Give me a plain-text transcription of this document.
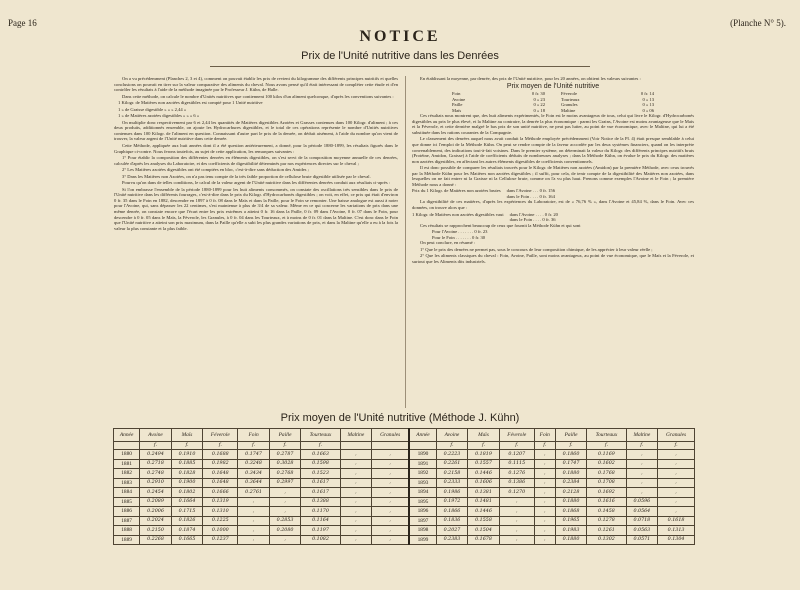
Page 16	(Planche N° 5).
NOTICE
Prix de l'Unité nutritive dans les Denrées

On a vu précédemment (Planches 2, 3 et 4), comment on pouvait établir les prix de revient du kilogramme des différents principes nutritifs et quelles conclusions on pouvait en tirer sur la valeur comparative des aliments du cheval. Nous avons pensé qu'il était intéressant de compléter cette étude et d'en contrôler les résultats à l'aide de la méthode imaginée par le Professeur J. Kühn, de Halle.

Dans cette méthode, on calcule le nombre d'Unités nutritives que contiennent 100 kilos d'un aliment quelconque, d'après les conventions suivantes :

1 Kilogr. de Matières non azotées digestibles est compté pour 1 Unité nutritive

1 » de Graisse digestible » » » 2,44 »

1 » de Matières azotées digestibles » » » 6 »

On multiplie donc respectivement par 6 et 2,44 les quantités de Matières digestibles Azotées et Grasses contenues dans 100 Kilogr. d'aliment ; à ces deux produits, additionnés ensemble, on ajoute les Hydrocarbures digestibles, et le total de ces opérations représente le nombre d'Unités nutritives contenues dans 100 Kilogr. de l'aliment en question. Connaissant d'autre part le prix de la denrée, on déduit aisément, à l'aide du nombre qu'on vient de trouver, la valeur argent de l'Unité nutritive dans cette denrée.

Cette Méthode, appliquée aux huit années dont il a été question antérieurement, a donné, pour la période 1880-1899, les résultats figurés dans le Graphique ci-contre. Nous ferons toutefois, au sujet de cette application, les remarques suivantes :

1° Pour établir la composition des différentes denrées en éléments digestibles, on s'est servi de la composition moyenne annuelle de ces denrées, calculée d'après les analyses du Laboratoire, et des coefficients de digestibilité déterminés par nos expériences directes sur le cheval ;

2° Les Matières azotées digestibles ont été comptées en bloc, c'est-à-dire sans déduction des Amides ;

3° Dans les Matières non Azotées, on n'a pas tenu compte de la très faible proportion de cellulose brute digestible utilisée par le cheval.

Pourvu qu'on dans de telles conditions, le calcul de la valeur argent de l'Unité nutritive dans les différentes denrées conduit aux résultats ci-après :

Si l'on embrasse l'ensemble de la période 1880-1899 pour les huit aliments consommés, on constate des oscillations très sensibles dans le prix de l'Unité nutritive dans les différents fourrages, c'est-à-dire dans le prix du Kilogr. d'Hydrocarbonés digestibles ; on voit, en effet, ce prix qui était d'environ 0 fr. 35 dans le Foin en 1882, descendre en 1897 à 0 fr. 08 dans le Maïs et dans la Paille, pour le Foin se remonter. Une baisse analogue est aussi à noter pour l'Avoine, qui, sans dépasser les 22 centimes, s'est maintenue à plus de 3/4 de sa valeur. Même en ce qui concerne les variations de prix dans une même denrée, on constate encore que l'écart entre les prix extrêmes a atteint 0 fr. 16 dans la Paille, 0 fr. 09 dans l'Avoine, 0 fr. 07 dans le Foin, pour descendre à 0 fr. 05 dans le Maïs, la Féverole, les Granules, à 0 fr. 04 dans les Tourteaux, et à moins de 0 fr. 01 dans la Maltine. C'est donc dans le Foin que l'Unité nutritive a atteint son prix maximum, dans la Paille qu'elle a subi les plus grandes variations de prix, et dans la Maltine qu'elle a eu à la fois la valeur la plus constante et la plus faible.

En établissant la moyenne, par denrée, des prix de l'Unité nutritive, pour les 20 années, on obtient les valeurs suivantes :

Prix moyen de l'Unité nutritive
Foin	0 fr. 30	Féverole	0 fr. 14
Avoine	0 » 23	Tourteaux	0 » 13
Paille	0 » 22	Granules	0 » 13
Maïs	0 » 18	Maltine	0 » 06

Ces résultats nous montrent que, des huit aliments expérimentés, le Foin est le moins avantageux de tous, celui qui livre le Kilogr. d'Hydrocarbonés digestibles au prix le plus élevé, et la Maltine au contraire, la denrée la plus économique : parmi les Grains, l'Avoine est moins avantageuse que le Maïs et la Féverole, et cette dernière malgré le bas prix de son unité nutritive, ne peut pas lutter, au point de vue économique, avec le Maltine, qui lui a été substituée dans les rations courantes de la Compagnie.

Le classement des denrées auquel nous avait conduit la Méthode employée précédemment (Voir Notice de la Pl. 4) était presque semblable à celui que donne ici l'emploi de la Méthode Kühn. On peut se rendre compte de la faveur accordée par les deux systèmes financiers, quand on les interprète convenablement, des indications tout-à-fait voisines. Dans le premier système, on déterminait la valeur du Kilogr. des différents principes nutritifs bruts (Protéine, Amidon, Graisse) à l'aide de coefficients déduits de nombreuses analyses ; dans la Méthode Kühn, on évalue le prix du Kilogr. des matières non azotées digestibles, en affectant les autres éléments digestibles de coefficients conventionnels.

Il est donc possible de comparer les résultats trouvés pour le Kilogr. de Matières non azotées (Amidon) par la première Méthode, avec ceux trouvés par la Méthode Kühn pour les Matières non azotées digestibles ; il suffit, pour cela, de tenir compte de la digestibilité des Matières non azotées, dans lesquelles on ne fait entrer ni la Graisse ni la Cellulose brute, comme on l'a vu plus haut. Prenons comme exemples l'Avoine et le Foin ; la première Méthode nous a donné :

Prix du 1 Kilogr. de Matières non azotées brutes dans l'Avoine . . . 0 fr. 156
dans le Foin . . . . 0 fr. 164

La digestibilité de ces matières, d'après les expériences du Laboratoire, est de « 76,76 % », dans l'Avoine et 45,84 %, dans le Foin. Avec ces données, on trouve alors que :

1 Kilogr. de Matières non azotées digestibles vaut dans l'Avoine . . . . 0 fr. 20
dans le Foin . . . . 0 fr. 36

Ces résultats se rapprochent beaucoup de ceux que fournit la Méthode Kühn et qui sont

Pour l'Avoine . . . . . . . 0 fr. 23
Pour le Foin . . . . . . . 0 fr. 30

On peut conclure, en résumé :

1° Que le prix des denrées ne permet pas, sous le concours de leur composition chimique, de les apprécier à leur valeur réelle ;

2° Que les aliments classiques du cheval : Foin, Avoine, Paille, sont moins avantageux, au point de vue économique, que le Maïs et la Féverole, et surtout que les Aliments dits industriels.

Prix moyen de l'Unité nutritive (Méthode J. Kühn)
Année	Avoine	Maïs	Féverole	Foin	Paille	Tourteaux	Maltine	Granules	Année	Avoine	Maïs	Féverole	Foin	Paille	Tourteaux	Maltine	Granules
	f.	f.	f.	f.	f.	f.				f.	f.	f.	f.	f.	f.	f.	f.
1880	0.2494	0.1910	0.1688	0.1747	0.2787	0.1663	,	,	1890	0.2223	0.1819	0.1207	,	0.1860	0.1169	,	,
1881	0.2718	0.1885	0.1982	0.3248	0.3028	0.1598	,	,	1891	0.2261	0.1557	0.1115	,	0.1747	0.1602	,	,
1882	0.2748	0.1828	0.1648	0.3434	0.2768	0.1523	,	,	1892	0.2158	0.1446	0.1276	,	0.1880	0.1768	,	,
1883	0.2910	0.1900	0.1648	0.3644	0.2997	0.1617	,	,	1893	0.2333	0.1606	0.1386	,	0.2384	0.1708	,	,
1884	0.2454	0.1802	0.1666	0.2761	,	0.1617	,	,	1894	0.1986	0.1381	0.1270	,	0.2128	0.1692	,	,
1885	0.2089	0.1664	0.1319	,	,	0.1388	,	,	1895	0.1972	0.1481	,	,	0.1880	0.1616	0.0596	,
1886	0.2006	0.1715	0.1310	,	,	0.1170	,	,	1896	0.1866	0.1446	,	,	0.1868	0.1458	0.0564	,
1887	0.2024	0.1826	0.1225	,	0.2853	0.1164	,	,	1897	0.1836	0.1558	,	,	0.1965	0.1278	0.0718	0.1618
1888	0.2150	0.1874	0.1000	,	0.2080	0.1197	,	,	1898	0.2027	0.1504	,	,	0.1983	0.1261	0.0563	0.1313
1889	0.2268	0.1665	0.1237	,	,	0.1082	,	,	1899	0.2383	0.1678	,	,	0.1880	0.1302	0.0571	0.1304
